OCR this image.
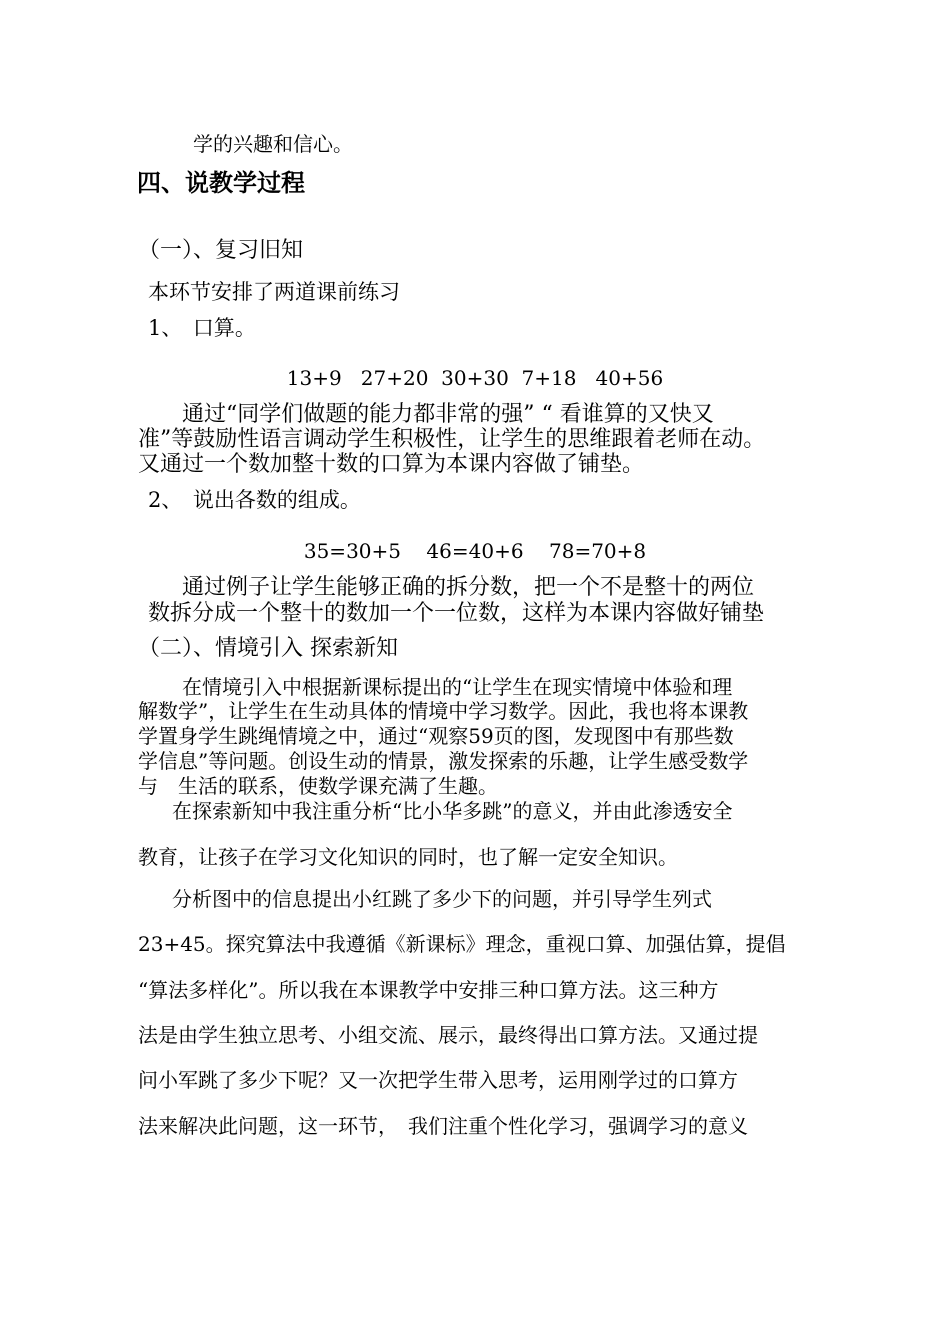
学的兴趣和信心。
四、说教学过程
（一）、复习旧知
本环节安排了两道课前练习
1、　口算。
13+9   27+20  30+30  7+18   40+56
通过“同学们做题的能力都非常的强” “ 看谁算的又快又
准”等鼓励性语言调动学生积极性，让学生的思维跟着老师在动。
又通过一个数加整十数的口算为本课内容做了铺垫。
2、　说出各数的组成。
35=30+5    46=40+6    78=70+8
通过例子让学生能够正确的拆分数，把一个不是整十的两位
数拆分成一个整十的数加一个一位数，这样为本课内容做好铺垫
（二）、情境引入 探索新知
在情境引入中根据新课标提出的“让学生在现实情境中体验和理
解数学”，让学生在生动具体的情境中学习数学。因此，我也将本课教
学置身学生跳绳情境之中，通过“观察59页的图，发现图中有那些数
学信息”等问题。创设生动的情景，激发探索的乐趣，让学生感受数学
与　生活的联系，使数学课充满了生趣。
在探索新知中我注重分析“比小华多跳”的意义，并由此渗透安全
教育，让孩子在学习文化知识的同时，也了解一定安全知识。
分析图中的信息提出小红跳了多少下的问题，并引导学生列式
23+45。探究算法中我遵循《新课标》理念，重视口算、加强估算，提倡
“算法多样化”。所以我在本课教学中安排三种口算方法。这三种方
法是由学生独立思考、小组交流、展示，最终得出口算方法。又通过提
问小军跳了多少下呢？又一次把学生带入思考，运用刚学过的口算方
法来解决此问题，这一环节，　我们注重个性化学习，强调学习的意义
